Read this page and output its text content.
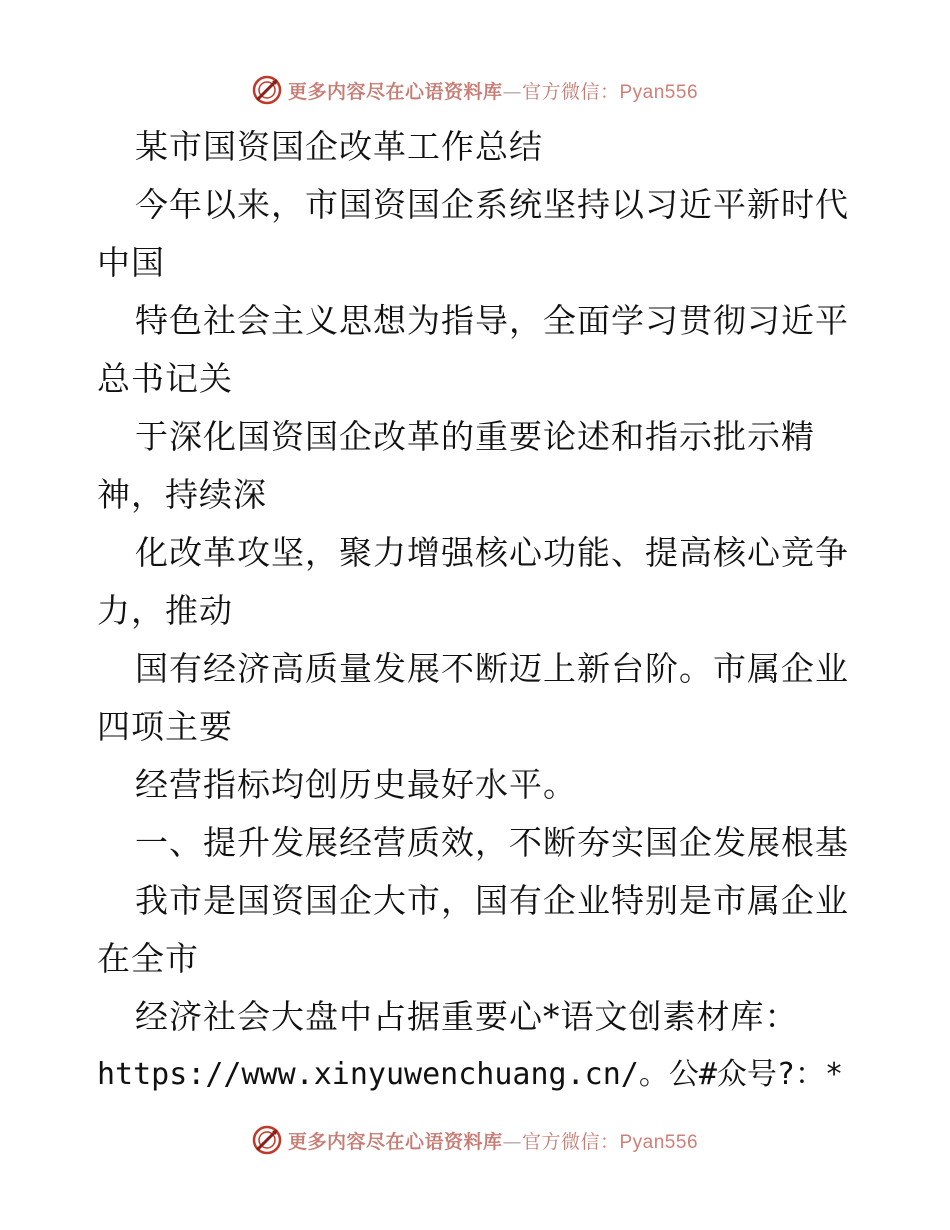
更多内容尽在心语资料库—官方微信：Pyan556
某市国资国企改革工作总结
今年以来，市国资国企系统坚持以习近平新时代
中国
特色社会主义思想为指导，全面学习贯彻习近平
总书记关
于深化国资国企改革的重要论述和指示批示精
神，持续深
化改革攻坚，聚力增强核心功能、提高核心竞争
力，推动
国有经济高质量发展不断迈上新台阶。市属企业
四项主要
经营指标均创历史最好水平。
一、提升发展经营质效，不断夯实国企发展根基
我市是国资国企大市，国有企业特别是市属企业
在全市
经济社会大盘中占据重要心*语文创素材库：
https://www.xinyuwenchuang.cn/。公#众号?：*
更多内容尽在心语资料库—官方微信：Pyan556
